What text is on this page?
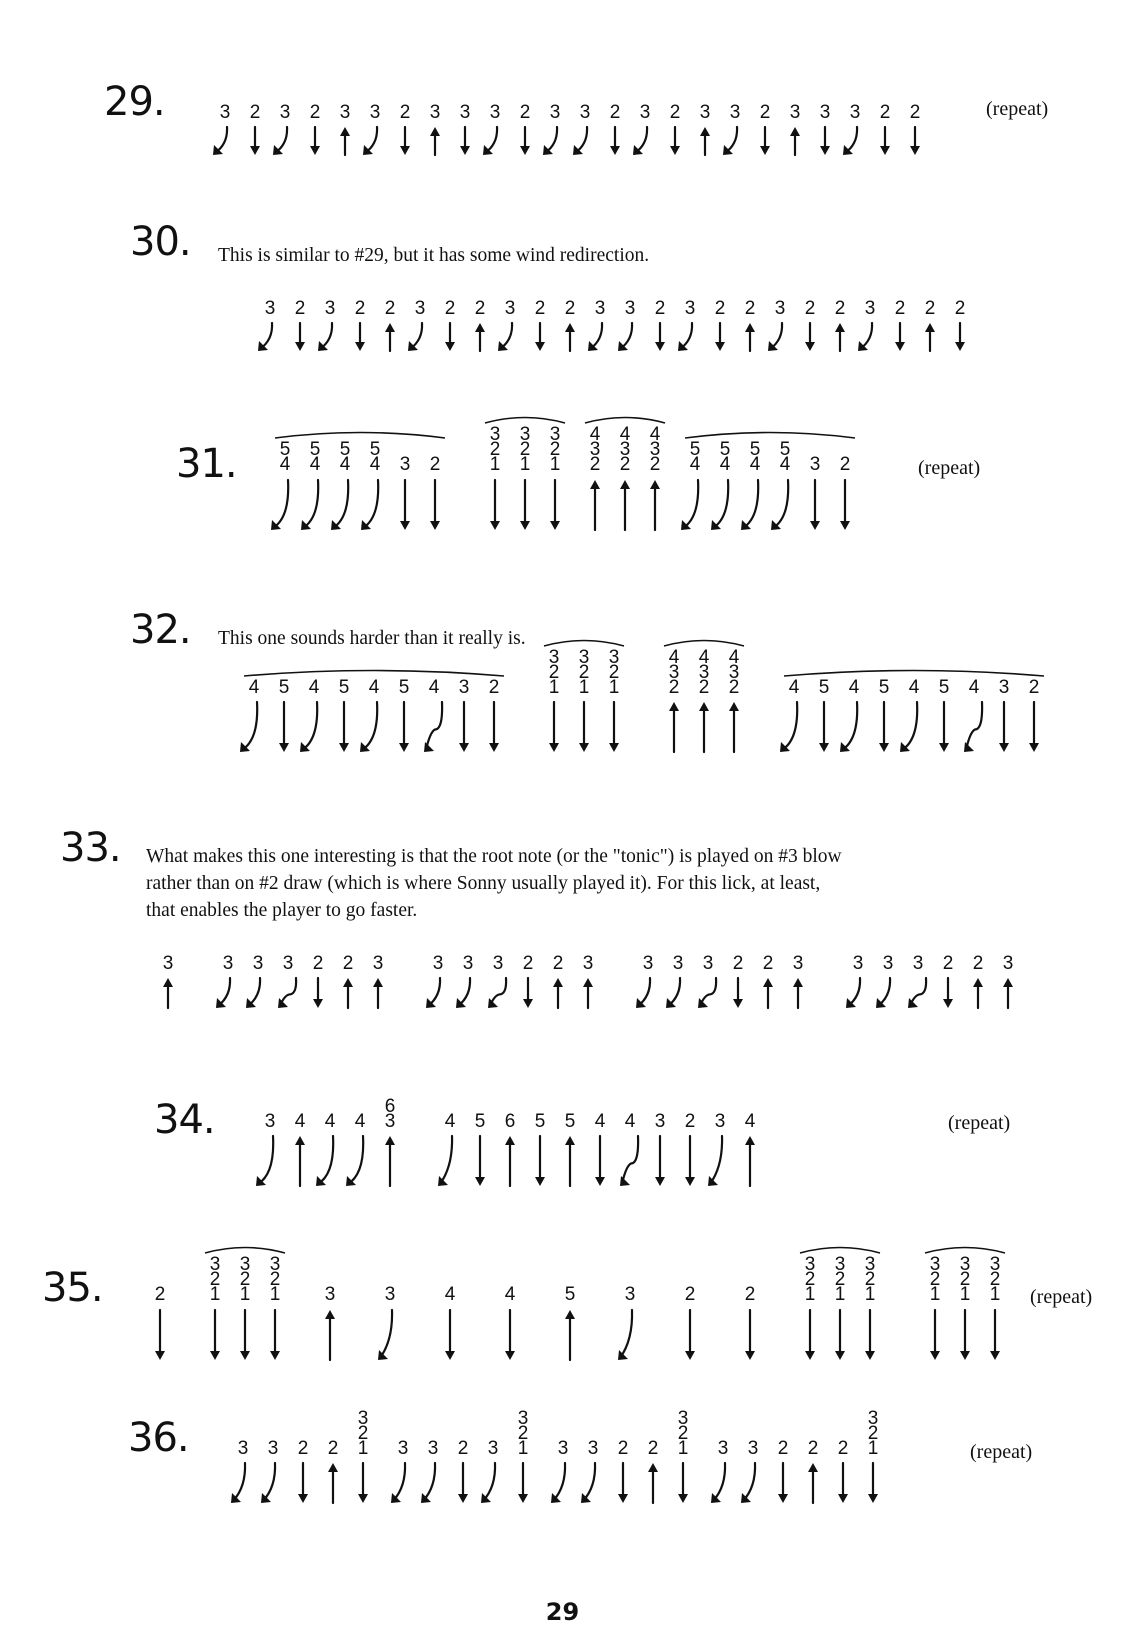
29.	3 2 3 2 3 3 2 3 3 3 2 3 3 2 3 2 3 3 2 3 3 3 2 2	(repeat)
30. This is similar to #29, but it has some wind redirection.
3 2 3 2 2 3 2 2 3 2 2 3 3 2 3 2 2 3 2 2 3 2 2 2
31. 5
4
5
4
5
4
5
4 3 2
3
2
1
3
2
1
3
2
1
4
3
2
4
3
2
4
3
2
5
4
5
4
5
4
5
4 3 2	(repeat)
32. This one sounds harder than it really is.
4 5 4 5 4 5 4 3 2
3
2
1
3
2
1
3
2
1
4
3
2
4
3
2
4
3
2	4 5 4 5 4 5 4 3 2
33. What makes this one interesting is that the root note (or the "tonic") is played on #3 blow
rather than on #2 draw (which is where Sonny usually played it). For this lick, at least,
that enables the player to go faster.
3	3 3 3 2 2 3	3 3 3 2 2 3	3 3 3 2 2 3	3 3 3 2 2 3
34.	3 4 4 4
6
3	4 5 6 5 5 4 4 3 2 3 4	(repeat)
35.	2
3
2
1
3
2
1
3
2
1 3	3	4	4	5	3	2	2
3
2
1
3
2
1
3
2
1
3
2
1
3
2
1
3
2
1 (repeat)
36.	3 3 2 2
3
2
1 3 3 2 3
3
2
1 3 3 2 2
3
2
1 3 3 2 2 2
3
2
1	(repeat)
29
